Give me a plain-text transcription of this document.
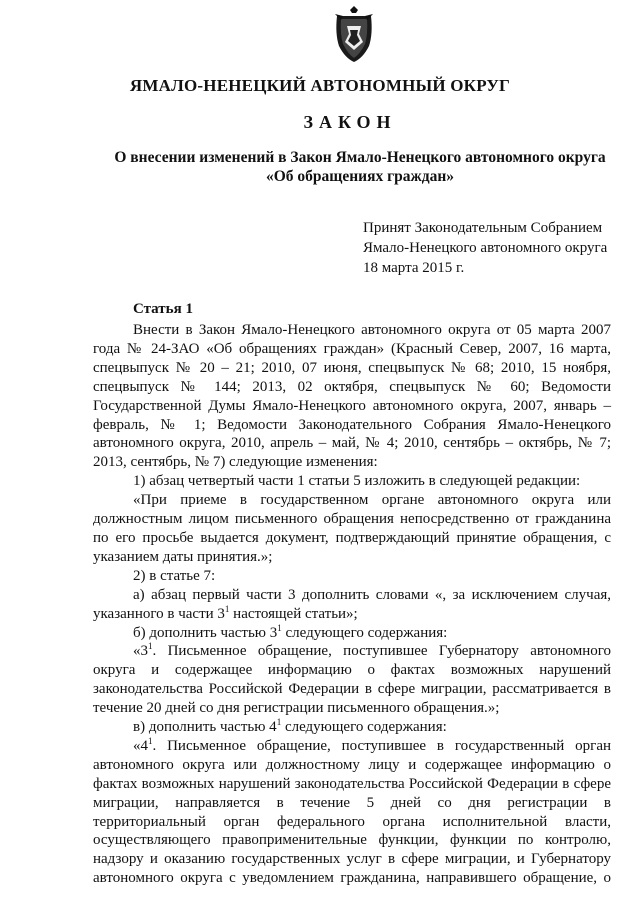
ЯМАЛО-НЕНЕЦКИЙ АВТОНОМНЫЙ ОКРУГ
ЗАКОН
О внесении изменений в Закон Ямало-Ненецкого автономного округа
«Об обращениях граждан»
Принят Законодательным Собранием
Ямало-Ненецкого автономного округа
18 марта 2015 г.
Статья 1

Внести в Закон Ямало-Ненецкого автономного округа от 05 марта 2007 года № 24-ЗАО «Об обращениях граждан» (Красный Север, 2007, 16 марта, спецвыпуск № 20 – 21; 2010, 07 июня, спецвыпуск № 68; 2010, 15 ноября, спецвыпуск № 144; 2013, 02 октября, спецвыпуск № 60; Ведомости Государственной Думы Ямало-Ненецкого автономного округа, 2007, январь – февраль, № 1; Ведомости Законодательного Собрания Ямало-Ненецкого автономного округа, 2010, апрель – май, № 4; 2010, сентябрь – октябрь, № 7; 2013, сентябрь, № 7) следующие изменения:

1) абзац четвертый части 1 статьи 5 изложить в следующей редакции:

«При приеме в государственном органе автономного округа или должностным лицом письменного обращения непосредственно от гражданина по его просьбе выдается документ, подтверждающий принятие обращения, с указанием даты принятия.»;

2) в статье 7:

а) абзац первый части 3 дополнить словами «, за исключением случая, указанного в части $3^1$ настоящей статьи»;

б) дополнить частью $3^1$ следующего содержания:

«$3^1$. Письменное обращение, поступившее Губернатору автономного округа и содержащее информацию о фактах возможных нарушений законодательства Российской Федерации в сфере миграции, рассматривается в течение 20 дней со дня регистрации письменного обращения.»;

в) дополнить частью $4^1$ следующего содержания:

«$4^1$. Письменное обращение, поступившее в государственный орган автономного округа или должностному лицу и содержащее информацию о фактах возможных нарушений законодательства Российской Федерации в сфере миграции, направляется в течение 5 дней со дня регистрации в территориальный орган федерального органа исполнительной власти, осуществляющего правоприменительные функции, функции по контролю, надзору и оказанию государственных услуг в сфере миграции, и Губернатору автономного округа с уведомлением гражданина, направившего обращение, о
